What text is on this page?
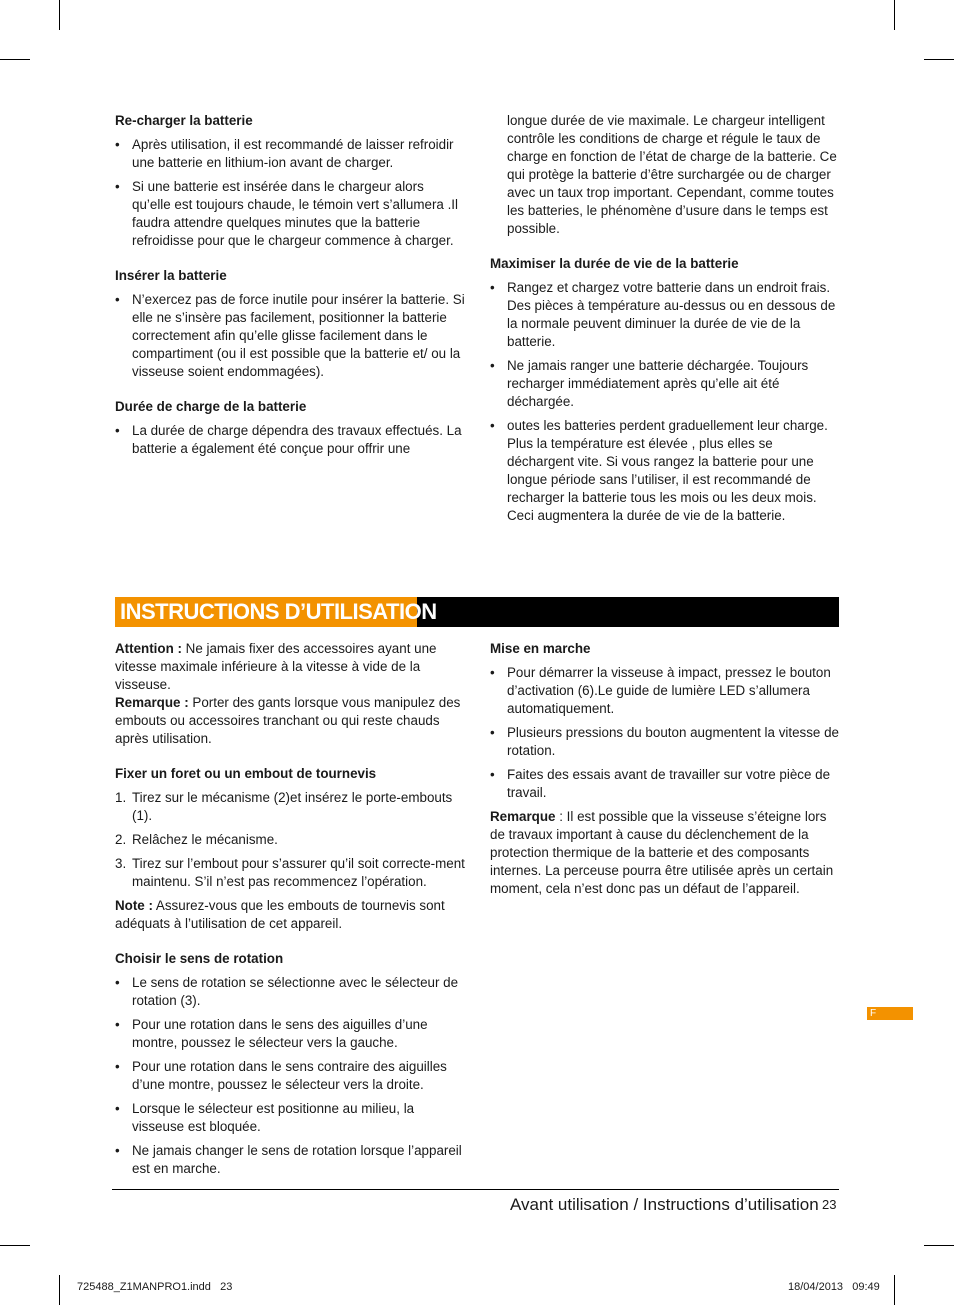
Re-charger la batterie
• Après utilisation, il est recommandé de laisser refroidir une batterie en lithium-ion avant de charger.
• Si une batterie est insérée dans le chargeur alors qu’elle est toujours chaude, le témoin vert s’allumera .Il faudra attendre quelques minutes que la batterie refroidisse pour que le chargeur commence à charger.
Insérer la batterie
• N’exercez pas de force inutile pour insérer la batterie. Si elle ne s’insère pas facilement, positionner la batterie correctement afin qu’elle glisse facilement dans le compartiment (ou il est possible que la batterie et/ ou la visseuse soient endommagées).
Durée de charge de la batterie
• La durée de charge dépendra des travaux effectués. La batterie a également été conçue pour offrir une

longue durée de vie maximale. Le chargeur intelligent contrôle les conditions de charge et régule le taux de charge en fonction de l’état de charge de la batterie. Ce qui protège la batterie d’être surchargée ou de charger avec un taux trop important. Cependant, comme toutes les batteries, le phénomène d’usure dans le temps est possible.

Maximiser la durée de vie de la batterie
• Rangez et chargez votre batterie dans un endroit frais. Des pièces à température au-dessus ou en dessous de la normale peuvent diminuer la durée de vie de la batterie.
• Ne jamais ranger une batterie déchargée. Toujours recharger immédiatement après qu’elle ait été déchargée.
• outes les batteries perdent graduellement leur charge. Plus la température est élevée , plus elles se déchargent vite. Si vous rangez la batterie pour une longue période sans l’utiliser, il est recommandé de recharger la batterie tous les mois ou les deux mois. Ceci augmentera la durée de vie de la batterie.
INSTRUCTIONS D’UTILISATION

Attention : Ne jamais fixer des accessoires ayant une vitesse maximale inférieure à la vitesse à vide de la visseuse.

Remarque : Porter des gants lorsque vous manipulez des embouts ou accessoires tranchant ou qui reste chauds après utilisation.

Fixer un foret ou un embout de tournevis
1. Tirez sur le mécanisme (2)et insérez le porte-embouts (1).
2. Relâchez le mécanisme.
3. Tirez sur l’embout pour s’assurer qu’il soit correcte-ment maintenu. S’il n’est pas recommencez l’opération.

Note : Assurez-vous que les embouts de tournevis sont adéquats à l’utilisation de cet appareil.

Choisir le sens de rotation
• Le sens de rotation se sélectionne avec le sélecteur de rotation (3).
• Pour une rotation dans le sens des aiguilles d’une montre, poussez le sélecteur vers la gauche.
• Pour une rotation dans le sens contraire des aiguilles d’une montre, poussez le sélecteur vers la droite.
• Lorsque le sélecteur est positionne au milieu, la visseuse est bloquée.
• Ne jamais changer le sens de rotation lorsque l’appareil est en marche.
Mise en marche
• Pour démarrer la visseuse à impact, pressez le bouton d’activation (6).Le guide de lumière LED s’allumera automatiquement.
• Plusieurs pressions du bouton augmentent la vitesse de rotation.
• Faites des essais avant de travailler sur votre pièce de travail.

Remarque : Il est possible que la visseuse s’éteigne lors de travaux important à cause du déclenchement de la protection thermique de la batterie et des composants internes. La perceuse pourra être utilisée après un certain moment, cela n’est donc pas un défaut de l’appareil.

F
Avant utilisation / Instructions d’utilisation 23
725488_Z1MANPRO1.indd   23	18/04/2013   09:49
